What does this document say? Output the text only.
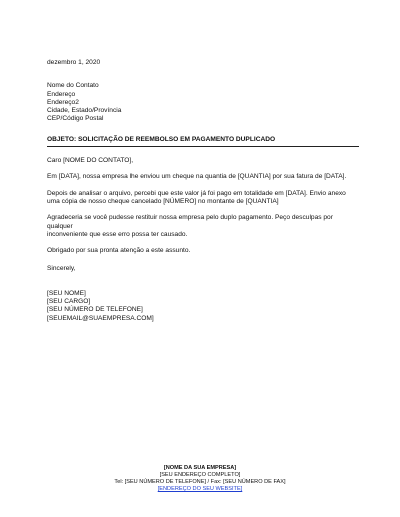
dezembro 1, 2020
Nome do Contato
Endereço
Endereço2
Cidade, Estado/Província
CEP/Código Postal
OBJETO: SOLICITAÇÃO DE REEMBOLSO EM PAGAMENTO DUPLICADO
Caro [NOME DO CONTATO],
Em [DATA], nossa empresa lhe enviou um cheque na quantia de [QUANTIA] por sua fatura de [DATA].
Depois de analisar o arquivo, percebi que este valor já foi pago em totalidade em [DATA]. Envio anexo
uma cópia de nosso cheque cancelado [NÚMERO] no montante de [QUANTIA]
Agradeceria se você pudesse restituir nossa empresa pelo duplo pagamento. Peço desculpas por
qualquer
inconveniente que esse erro possa ter causado.
Obrigado por sua pronta atenção a este assunto.
Sincerely,
[SEU NOME]
[SEU CARGO]
[SEU NÚMERO DE TELEFONE]
[SEUEMAIL@SUAEMPRESA.COM]
[NOME DA SUA EMPRESA]
[SEU ENDEREÇO COMPLETO]
Tel: [SEU NÚMERO DE TELEFONE] / Fax: [SEU NÚMERO DE FAX]
[ENDEREÇO DO SEU WEBSITE]
